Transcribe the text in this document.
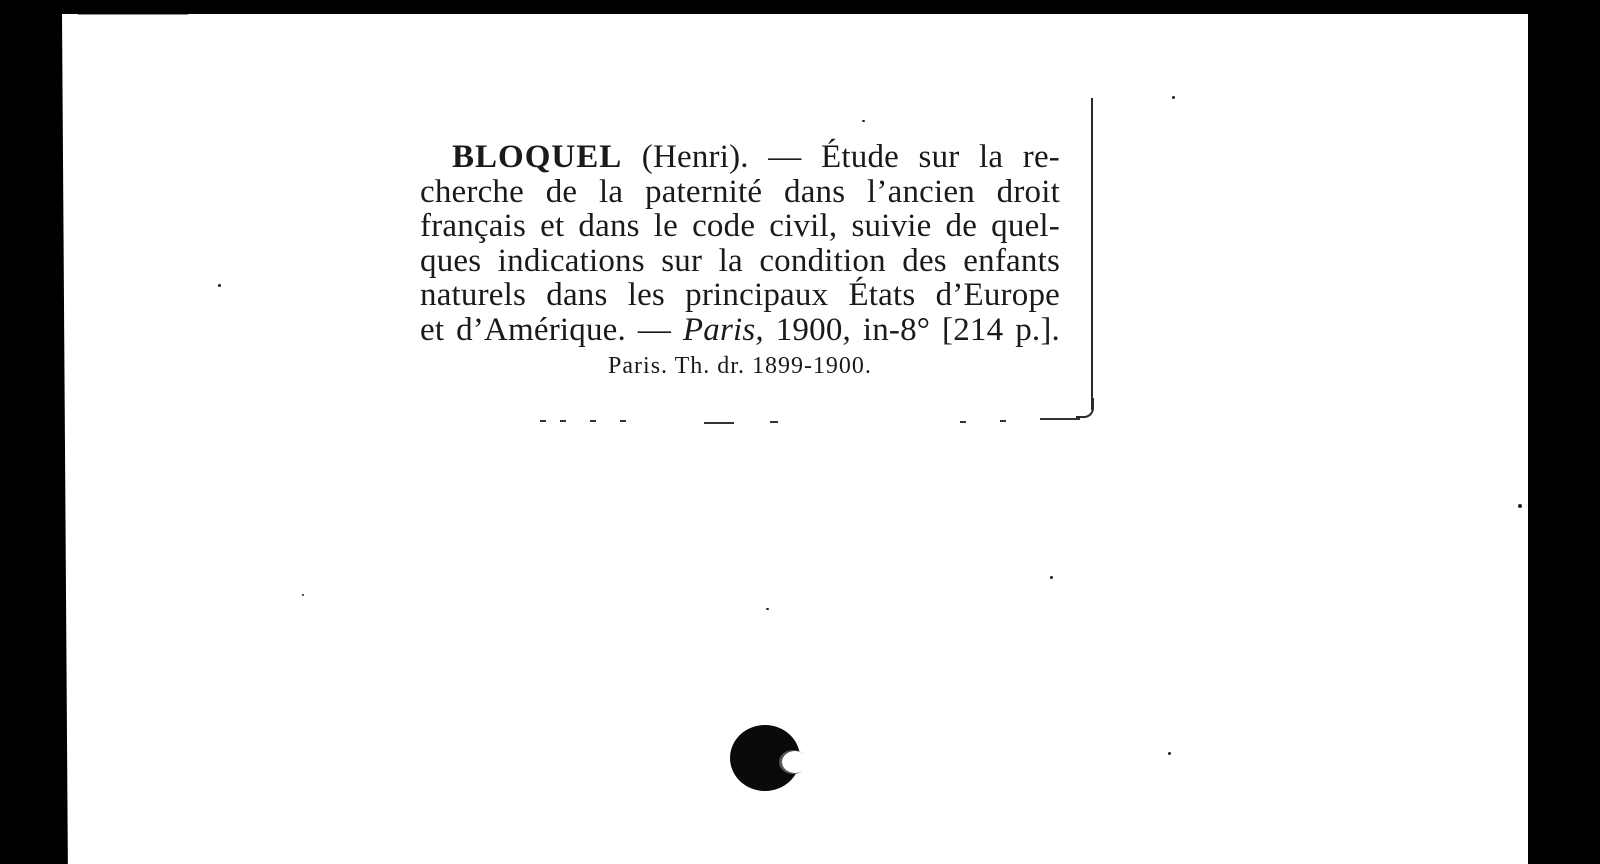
BLOQUEL (Henri). — Étude sur la re-

cherche de la paternité dans l’ancien droit

français et dans le code civil, suivie de quel-

ques indications sur la condition des enfants

naturels dans les principaux États d’Europe

et d’Amérique. — Paris, 1900, in-8° [214 p.].

Paris. Th. dr. 1899-1900.
